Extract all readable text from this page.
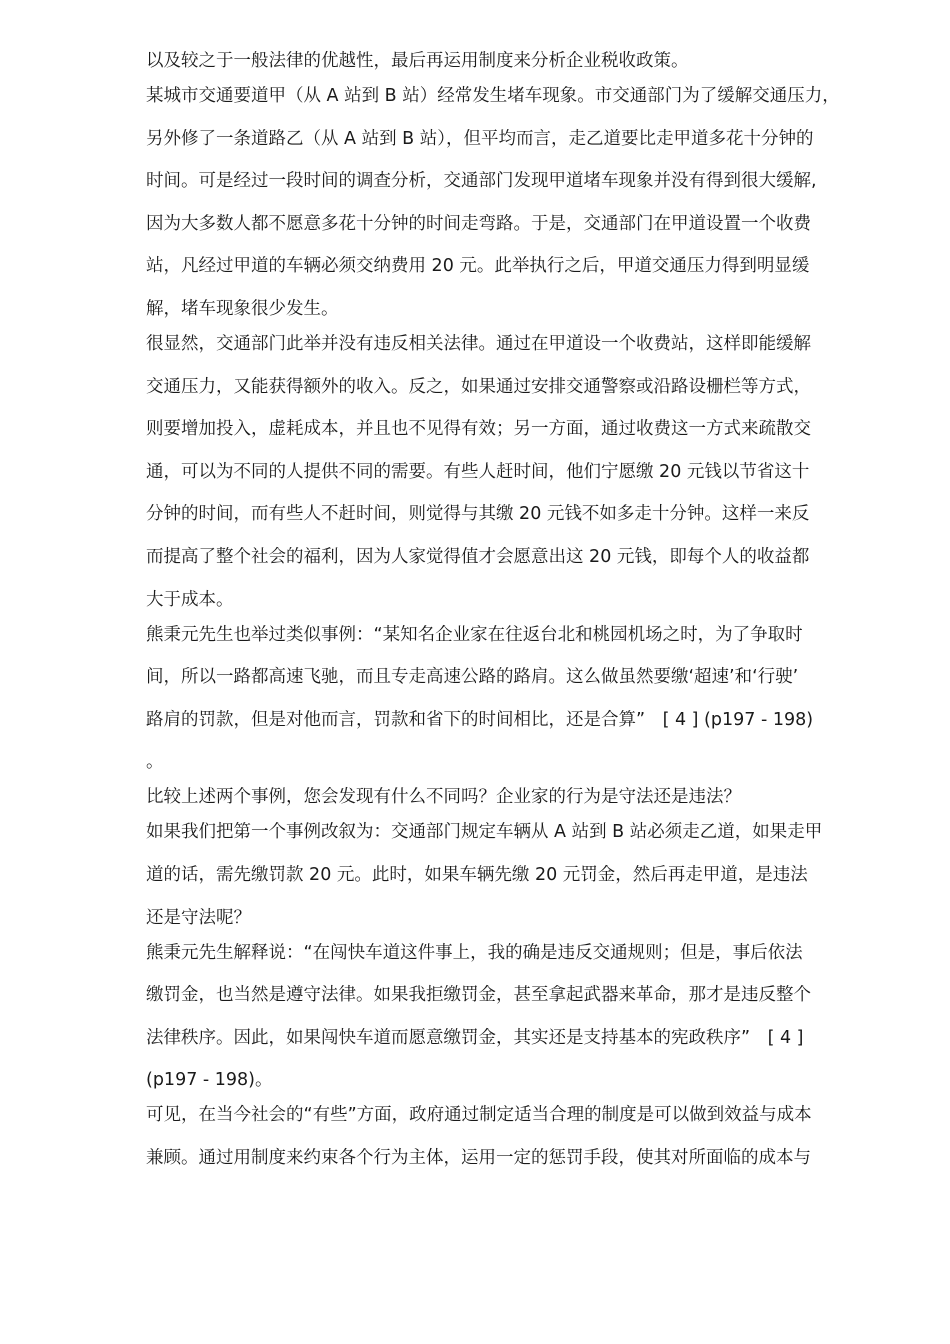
以及较之于一般法律的优越性，最后再运用制度来分析企业税收政策。
某城市交通要道甲（从 A 站到 B 站）经常发生堵车现象。市交通部门为了缓解交通压力，
另外修了一条道路乙（从 A 站到 B 站），但平均而言，走乙道要比走甲道多花十分钟的
时间。可是经过一段时间的调查分析，交通部门发现甲道堵车现象并没有得到很大缓解,
因为大多数人都不愿意多花十分钟的时间走弯路。于是，交通部门在甲道设置一个收费
站，凡经过甲道的车辆必须交纳费用 20 元。此举执行之后，甲道交通压力得到明显缓
解，堵车现象很少发生。
很显然，交通部门此举并没有违反相关法律。通过在甲道设一个收费站，这样即能缓解
交通压力，又能获得额外的收入。反之，如果通过安排交通警察或沿路设栅栏等方式，
则要增加投入，虚耗成本，并且也不见得有效；另一方面，通过收费这一方式来疏散交
通，可以为不同的人提供不同的需要。有些人赶时间，他们宁愿缴 20 元钱以节省这十
分钟的时间，而有些人不赶时间，则觉得与其缴 20 元钱不如多走十分钟。这样一来反
而提高了整个社会的福利，因为人家觉得值才会愿意出这 20 元钱，即每个人的收益都
大于成本。
熊秉元先生也举过类似事例：“某知名企业家在往返台北和桃园机场之时，为了争取时
间，所以一路都高速飞驰，而且专走高速公路的路肩。这么做虽然要缴‘超速’和‘行驶’
路肩的罚款，但是对他而言，罚款和省下的时间相比，还是合算”　[ 4 ] (p197 - 198)
。
比较上述两个事例，您会发现有什么不同吗？企业家的行为是守法还是违法？
如果我们把第一个事例改叙为：交通部门规定车辆从 A 站到 B 站必须走乙道，如果走甲
道的话，需先缴罚款 20 元。此时，如果车辆先缴 20 元罚金，然后再走甲道，是违法
还是守法呢？
熊秉元先生解释说：“在闯快车道这件事上，我的确是违反交通规则；但是，事后依法
缴罚金，也当然是遵守法律。如果我拒缴罚金，甚至拿起武器来革命，那才是违反整个
法律秩序。因此，如果闯快车道而愿意缴罚金，其实还是支持基本的宪政秩序”　[ 4 ]
(p197 - 198)。
可见，在当今社会的“有些”方面，政府通过制定适当合理的制度是可以做到效益与成本
兼顾。通过用制度来约束各个行为主体，运用一定的惩罚手段，使其对所面临的成本与
